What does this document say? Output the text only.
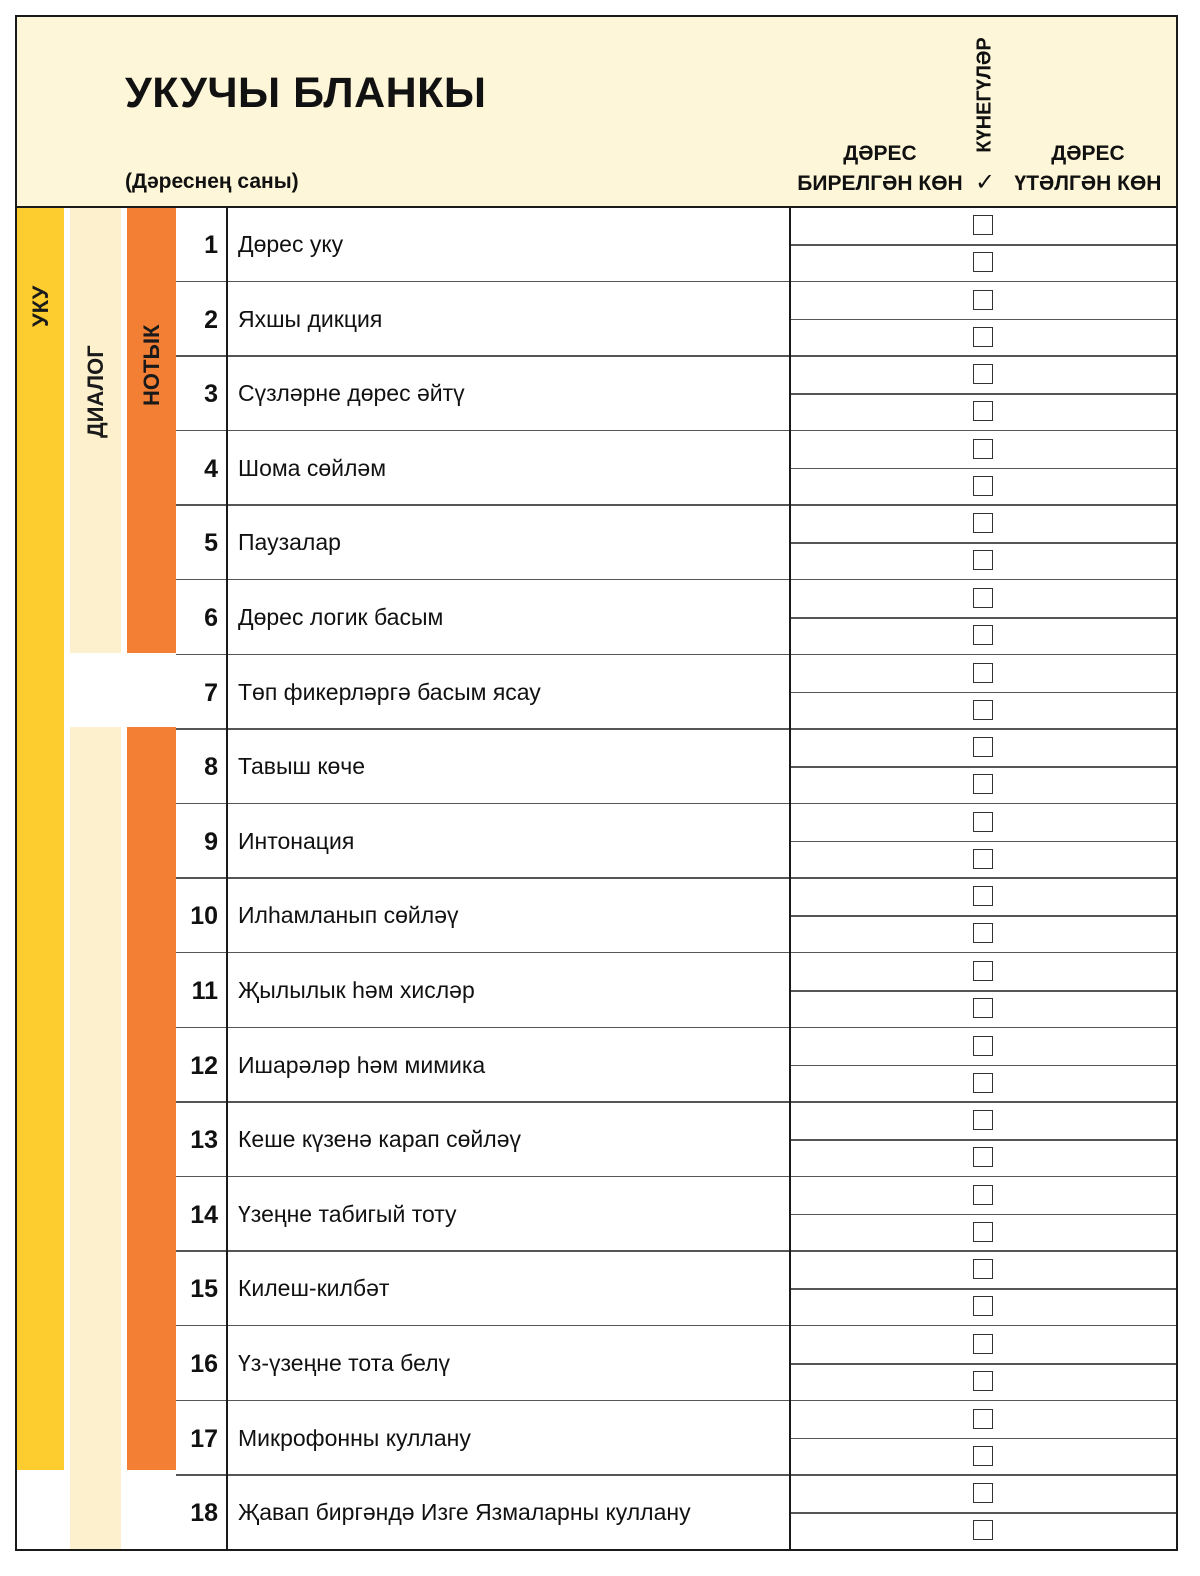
УКУЧЫ БЛАНКЫ
(Дәреснең саны)
ДӘРЕС
БИРЕЛГӘН КӨН
КҮНЕГҮЛӘР
✓
ДӘРЕС
ҮТӘЛГӘН КӨН
УКУ
ДИАЛОГ НОТЫК
1 Дөрес уку
2 Яхшы дикция
3 Сүзләрне дөрес әйтү
4 Шома сөйләм
5 Паузалар
6 Дөрес логик басым
7 Төп фикерләргә басым ясау
8 Тавыш көче
9 Интонация
10 Илһамланып сөйләү
11 Җылылык һәм хисләр
12 Ишарәләр һәм мимика
13 Кеше күзенә карап сөйләү
14 Үзеңне табигый тоту
15 Килеш-килбәт
16 Үз-үзеңне тота белү
17 Микрофонны куллану
18 Җавап биргәндә Изге Язмаларны куллану
